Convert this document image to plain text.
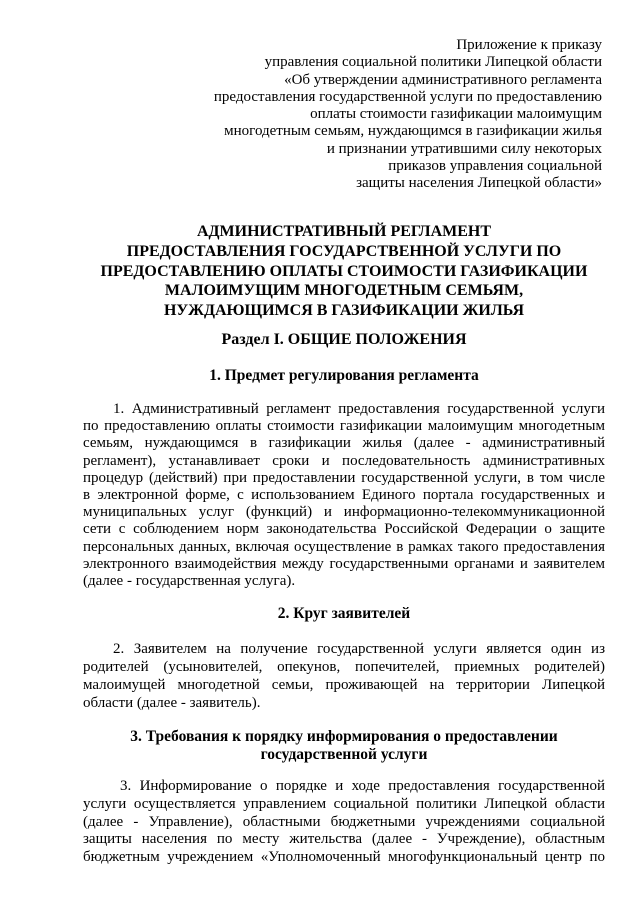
Приложение к приказу
управления социальной политики Липецкой области
«Об утверждении административного регламента
предоставления государственной услуги по предоставлению
оплаты стоимости газификации малоимущим
многодетным семьям, нуждающимся в газификации жилья
и признании утратившими силу некоторых
приказов управления социальной
защиты населения Липецкой области»
АДМИНИСТРАТИВНЫЙ РЕГЛАМЕНТ
ПРЕДОСТАВЛЕНИЯ ГОСУДАРСТВЕННОЙ УСЛУГИ ПО
ПРЕДОСТАВЛЕНИЮ ОПЛАТЫ СТОИМОСТИ ГАЗИФИКАЦИИ
МАЛОИМУЩИМ МНОГОДЕТНЫМ СЕМЬЯМ,
НУЖДАЮЩИМСЯ В ГАЗИФИКАЦИИ ЖИЛЬЯ
Раздел I. ОБЩИЕ ПОЛОЖЕНИЯ
1. Предмет регулирования регламента
1. Административный регламент предоставления государственной услуги
по предоставлению оплаты стоимости газификации малоимущим многодетным
семьям, нуждающимся в газификации жилья (далее - административный
регламент), устанавливает сроки и последовательность административных
процедур (действий) при предоставлении государственной услуги, в том числе
в электронной форме, с использованием Единого портала государственных и
муниципальных услуг (функций) и информационно-телекоммуникационной
сети с соблюдением норм законодательства Российской Федерации о защите
персональных данных, включая осуществление в рамках такого предоставления
электронного взаимодействия между государственными органами и заявителем
(далее - государственная услуга).
2. Круг заявителей
2. Заявителем на получение государственной услуги является один из
родителей (усыновителей, опекунов, попечителей, приемных родителей)
малоимущей многодетной семьи, проживающей на территории Липецкой
области (далее - заявитель).
3. Требования к порядку информирования о предоставлении
государственной услуги
3. Информирование о порядке и ходе предоставления государственной
услуги осуществляется управлением социальной политики Липецкой области
(далее - Управление), областными бюджетными учреждениями социальной
защиты населения по месту жительства (далее - Учреждение), областным
бюджетным учреждением «Уполномоченный многофункциональный центр по
